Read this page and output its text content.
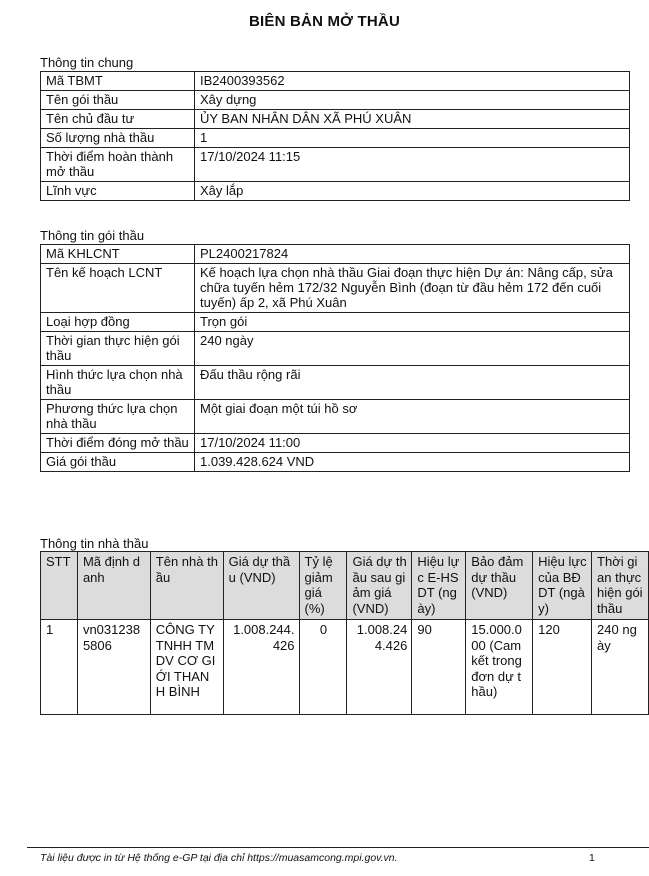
BIÊN BẢN MỞ THẦU
Thông tin chung
Mã TBMT	IB2400393562
Tên gói thầu	Xây dựng
Tên chủ đầu tư	ỦY BAN NHÂN DÂN XÃ PHÚ XUÂN
Số lượng nhà thầu	1
Thời điểm hoàn thành mở thầu	17/10/2024 11:15
Lĩnh vực	Xây lắp
Thông tin gói thầu
Mã KHLCNT	PL2400217824
Tên kế hoạch LCNT	Kế hoạch lựa chọn nhà thầu Giai đoạn thực hiện Dự án: Nâng cấp, sửa chữa tuyến hẻm 172/32 Nguyễn Bình (đoạn từ đầu hẻm 172 đến cuối tuyến) ấp 2, xã Phú Xuân
Loại hợp đồng	Trọn gói
Thời gian thực hiện gói thầu	240 ngày
Hình thức lựa chọn nhà thầu	Đấu thầu rộng rãi
Phương thức lựa chọn nhà thầu	Một giai đoạn một túi hồ sơ
Thời điểm đóng mở thầu	17/10/2024 11:00
Giá gói thầu	1.039.428.624 VND
Thông tin nhà thầu
STT	Mã định danh	Tên nhà thầu	Giá dự thầu (VND)	Tỷ lệ giảm giá (%)	Giá dự thầu sau giảm giá (VND)	Hiệu lực E-HSDT (ngày)	Bảo đảm dự thầu (VND)	Hiệu lực của BĐ DT (ngày)	Thời gian thực hiện gói thầu
1	vn0312385806	CÔNG TY TNHH TM DV CƠ GIỚI THANH BÌNH	1.008.244.426	0	1.008.244.426	90	15.000.000 (Cam kết trong đơn dự thầu)	120	240 ngày
Tài liệu được in từ Hệ thống e-GP tại địa chỉ https://muasamcong.mpi.gov.vn.	1
